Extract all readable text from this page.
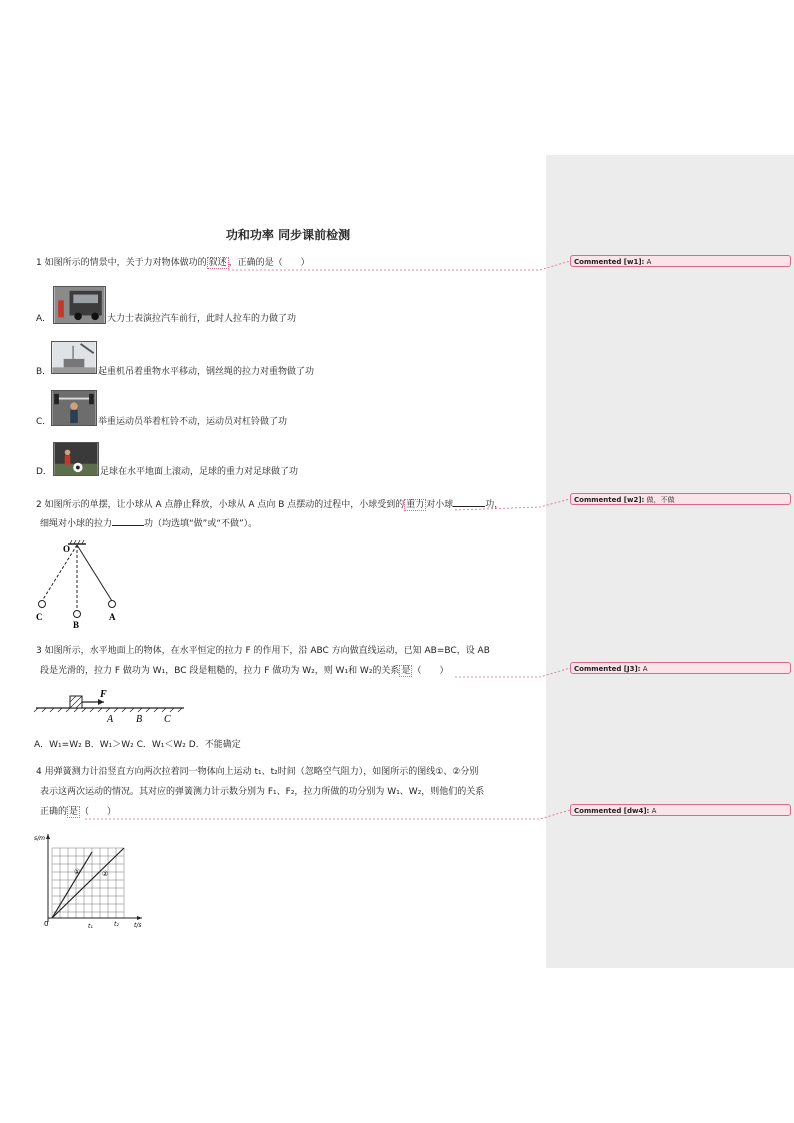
功和功率 同步课前检测
1 如图所示的情景中，关于力对物体做功的 叙述 ，正确的是（　　）
A．	大力士表演拉汽车前行，此时人拉车的力做了功
B．	起重机吊着重物水平移动，钢丝绳的拉力对重物做了功
C．	举重运动员举着杠铃不动，运动员对杠铃做了功
D．	足球在水平地面上滚动，足球的重力对足球做了功
2 如图所示的单摆，让小球从 A 点静止释放，小球从 A 点向 B 点摆动的过程中，小球受到的 重力 对小球	功，
细绳对小球的拉力	功（均选填“做”或“不做”）。
O
A
B
C
3 如图所示，水平地面上的物体，在水平恒定的拉力 F 的作用下，沿 ABC 方向做直线运动，已知 AB=BC，设 AB
段是光滑的，拉力 F 做功为 W₁，BC 段是粗糙的，拉力 F 做功为 W₂，则 W₁和 W₂的关系 是 （　　）
F
A B C
A．W₁=W₂ B．W₁＞W₂ C．W₁＜W₂ D．不能确定
4 用弹簧测力计沿竖直方向两次拉着同一物体向上运动 t₁、t₂时间（忽略空气阻力），如图所示的图线①、②分别
表示这两次运动的情况。其对应的弹簧测力计示数分别为 F₁、F₂，拉力所做的功分别为 W₁、W₂，则他们的关系
正确的 是 （　　）
s/m
t/s
0	t₁	t₂
①	②
Commented [w1]: A
Commented [w2]: 做，不做
Commented [J3]: A
Commented [dw4]: A
